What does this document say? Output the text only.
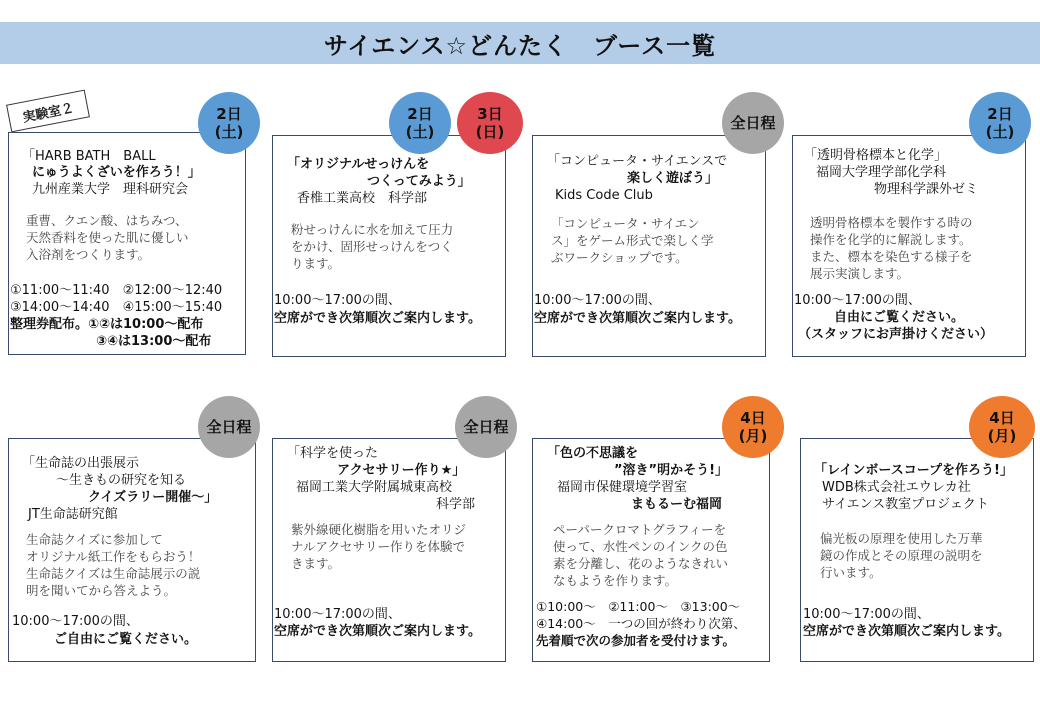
サイエンス☆どんたく　ブース一覧
実験室２	2日
(土)
「HARB BATH　BALL
にゅうよくざいを作ろう！」
九州産業大学　理科研究会
重曹、クエン酸、はちみつ、
天然香料を使った肌に優しい
入浴剤をつくります。
①11:00～11:40　②12:00～12:40
③14:00～14:40　④15:00～15:40
整理券配布。①②は10:00～配布
③④は13:00～配布
2日
(土)
3日
(日)
「オリジナルせっけんを
つくってみよう」
香椎工業高校　科学部
粉せっけんに水を加えて圧力
をかけ、固形せっけんをつく
ります。
10:00～17:00の間、
空席ができ次第順次ご案内します。
全日程
「コンピュータ・サイエンスで
楽しく遊ぼう」
Kids Code Club
「コンピュータ・サイエン
ス」をゲーム形式で楽しく学
ぶワークショップです。
10:00～17:00の間、
空席ができ次第順次ご案内します。
2日
(土)
「透明骨格標本と化学」
福岡大学理学部化学科
物理科学課外ゼミ
透明骨格標本を製作する時の
操作を化学的に解説します。
また、標本を染色する様子を
展示実演します。
10:00～17:00の間、
自由にご覧ください。
（スタッフにお声掛けください）
全日程
「生命誌の出張展示
～生きもの研究を知る
クイズラリー開催～」
JT生命誌研究館
生命誌クイズに参加して
オリジナル紙工作をもらおう！
生命誌クイズは生命誌展示の説
明を聞いてから答えよう。
10:00～17:00の間、
ご自由にご覧ください。
全日程
「科学を使った
アクセサリー作り★」
福岡工業大学附属城東高校
科学部
紫外線硬化樹脂を用いたオリジ
ナルアクセサリー作りを体験で
きます。
10:00～17:00の間、
空席ができ次第順次ご案内します。
4日
(月)
「色の不思議を
”溶き”明かそう!」
福岡市保健環境学習室
まもるーむ福岡
ペーパークロマトグラフィーを
使って、水性ペンのインクの色
素を分離し、花のようなきれい
なもようを作ります。
①10:00～　②11:00～　③13:00～
④14:00～　一つの回が終わり次第、
先着順で次の参加者を受付けます。
4日
(月)
「レインボースコープを作ろう!」
WDB株式会社エウレカ社
サイエンス教室プロジェクト
偏光板の原理を使用した万華
鏡の作成とその原理の説明を
行います。
10:00～17:00の間、
空席ができ次第順次ご案内します。
